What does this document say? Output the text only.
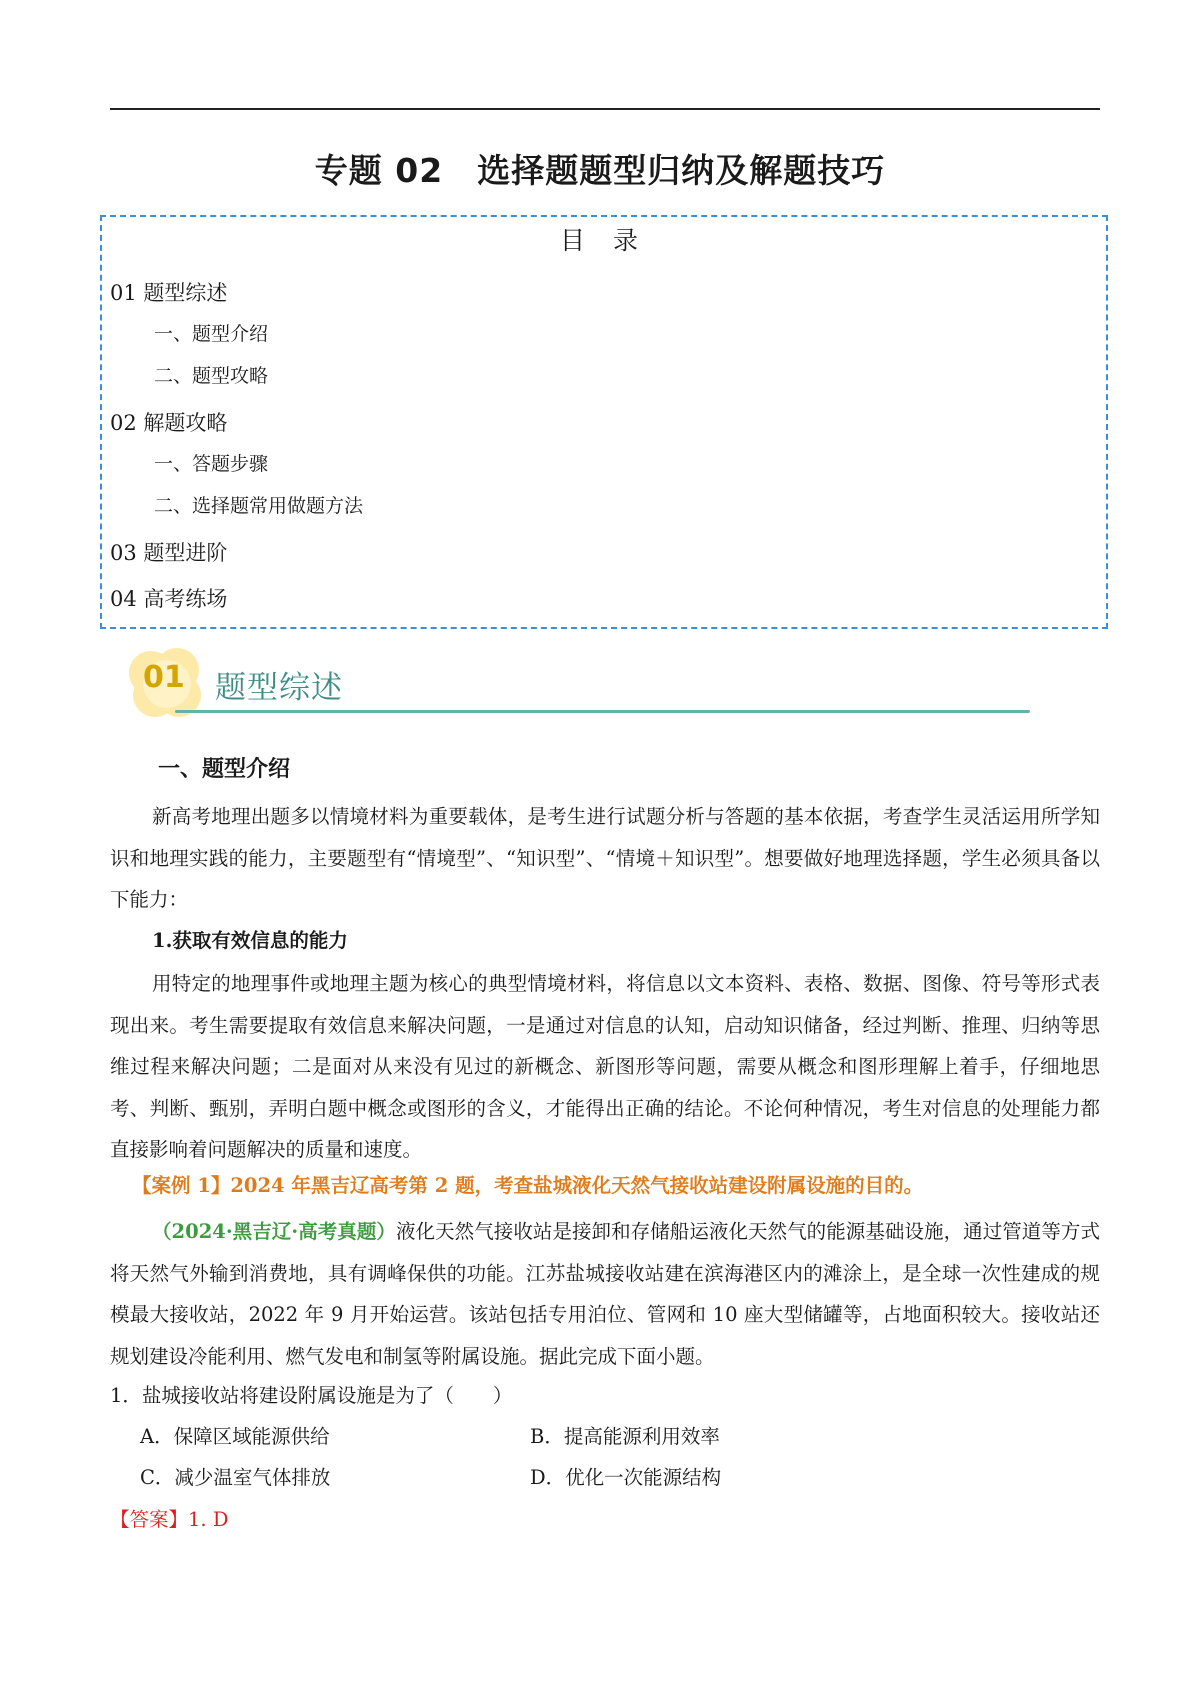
专题 02　选择题题型归纳及解题技巧
目 录
01 题型综述
一、题型介绍
二、题型攻略
02 解题攻略
一、答题步骤
二、选择题常用做题方法
03 题型进阶
04 高考练场
01 题型综述
一、题型介绍

新高考地理出题多以情境材料为重要载体，是考生进行试题分析与答题的基本依据，考查学生灵活运用所学知识和地理实践的能力，主要题型有“情境型”、“知识型”、“情境＋知识型”。想要做好地理选择题，学生必须具备以下能力：

1.获取有效信息的能力

用特定的地理事件或地理主题为核心的典型情境材料，将信息以文本资料、表格、数据、图像、符号等形式表现出来。考生需要提取有效信息来解决问题，一是通过对信息的认知，启动知识储备，经过判断、推理、归纳等思维过程来解决问题；二是面对从来没有见过的新概念、新图形等问题，需要从概念和图形理解上着手，仔细地思考、判断、甄别，弄明白题中概念或图形的含义，才能得出正确的结论。不论何种情况，考生对信息的处理能力都直接影响着问题解决的质量和速度。

【案例 1】2024 年黑吉辽高考第 2 题，考查盐城液化天然气接收站建设附属设施的目的。

（2024·黑吉辽·高考真题）液化天然气接收站是接卸和存储船运液化天然气的能源基础设施，通过管道等方式将天然气外输到消费地，具有调峰保供的功能。江苏盐城接收站建在滨海港区内的滩涂上，是全球一次性建成的规模最大接收站，2022 年 9 月开始运营。该站包括专用泊位、管网和 10 座大型储罐等，占地面积较大。接收站还规划建设冷能利用、燃气发电和制氢等附属设施。据此完成下面小题。

1．盐城接收站将建设附属设施是为了（　　）
A．保障区域能源供给	B．提高能源利用效率
C．减少温室气体排放	D．优化一次能源结构
【答案】1. D
